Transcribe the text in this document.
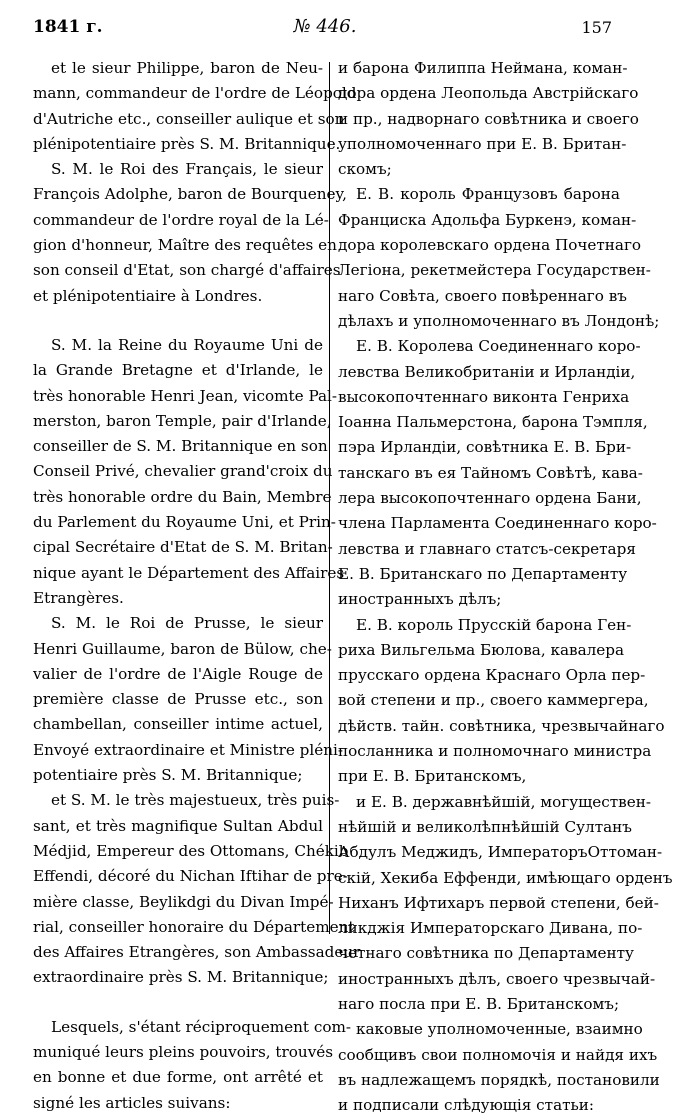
1841 г.	№ 446.	157
et le sieur Philippe, baron de Neu-
mann, commandeur de l'ordre de Léopold
d'Autriche etc., conseiller aulique et son
plénipotentiaire près S. M. Britannique.
S. M. le Roi des Français, le sieur
François Adolphe, baron de Bourqueney,
commandeur de l'ordre royal de la Lé-
gion d'honneur, Maître des requêtes en
son conseil d'Etat, son chargé d'affaires
et plénipotentiaire à Londres.
S. M. la Reine du Royaume Uni de
la Grande Bretagne et d'Irlande, le
très honorable Henri Jean, vicomte Pal-
merston, baron Temple, pair d'Irlande,
conseiller de S. M. Britannique en son
Conseil Privé, chevalier grand'croix du
très honorable ordre du Bain, Membre
du Parlement du Royaume Uni, et Prin-
cipal Secrétaire d'Etat de S. M. Britan-
nique ayant le Département des Affaires
Etrangères.
S. M. le Roi de Prusse, le sieur
Henri Guillaume, baron de Bülow, che-
valier de l'ordre de l'Aigle Rouge de
première classe de Prusse etc., son
chambellan, conseiller intime actuel,
Envoyé extraordinaire et Ministre pléni-
potentiaire près S. M. Britannique;
et S. M. le très majestueux, très puis-
sant, et très magnifique Sultan Abdul
Médjid, Empereur des Ottomans, Chékib
Effendi, décoré du Nichan Iftihar de pre-
mière classe, Beylikdgi du Divan Impé-
rial, conseiller honoraire du Département
des Affaires Etrangères, son Ambassadeur
extraordinaire près S. M. Britannique;
Lesquels, s'étant réciproquement com-
muniqué leurs pleins pouvoirs, trouvés
en bonne et due forme, ont arrêté et
signé les articles suivans:
и барона Филиппа Неймана, коман-
дора ордена Леопольда Австрійскаго
и пр., надворнаго совѣтника и своего
уполномоченнаго при Е. В. Британ-
скомъ;
Е. В. король Французовъ барона
Франциска Адольфа Буркенэ, коман-
дора королевскаго ордена Почетнаго
Легіона, рекетмейстера Государствен-
наго Совѣта, своего повѣреннаго въ
дѣлахъ и уполномоченнаго въ Лондонѣ;
Е. В. Королева Соединеннаго коро-
левства Великобританіи и Ирландіи,
высокопочтеннаго виконта Генриха
Іоанна Пальмерстона, барона Тэмпля,
пэра Ирландіи, совѣтника Е. В. Бри-
танскаго въ ея Тайномъ Совѣтѣ, кава-
лера высокопочтеннаго ордена Бани,
члена Парламента Соединеннаго коро-
левства и главнаго статсъ-секретаря
Е. В. Британскаго по Департаменту
иностранныхъ дѣлъ;
Е. В. король Прусскій барона Ген-
риха Вильгельма Бюлова, кавалера
прусскаго ордена Краснаго Орла пер-
вой степени и пр., своего каммергера,
дѣйств. тайн. совѣтника, чрезвычайнаго
посланника и полномочнаго министра
при Е. В. Британскомъ,
и Е. В. державнѣйшій, могуществен-
нѣйшій и великолѣпнѣйшій Султанъ
Абдулъ Меджидъ, ИмператоръОттоман-
скій, Хекиба Еффенди, имѣющаго орденъ
Ниханъ Ифтихаръ первой степени, бей-
ликджія Императорскаго Дивана, по-
четнаго совѣтника по Департаменту
иностранныхъ дѣлъ, своего чрезвычай-
наго посла при Е. В. Британскомъ;
каковые уполномоченные, взаимно
сообщивъ свои полномочія и найдя ихъ
въ надлежащемъ порядкѣ, постановили
и подписали слѣдующія статьи:
